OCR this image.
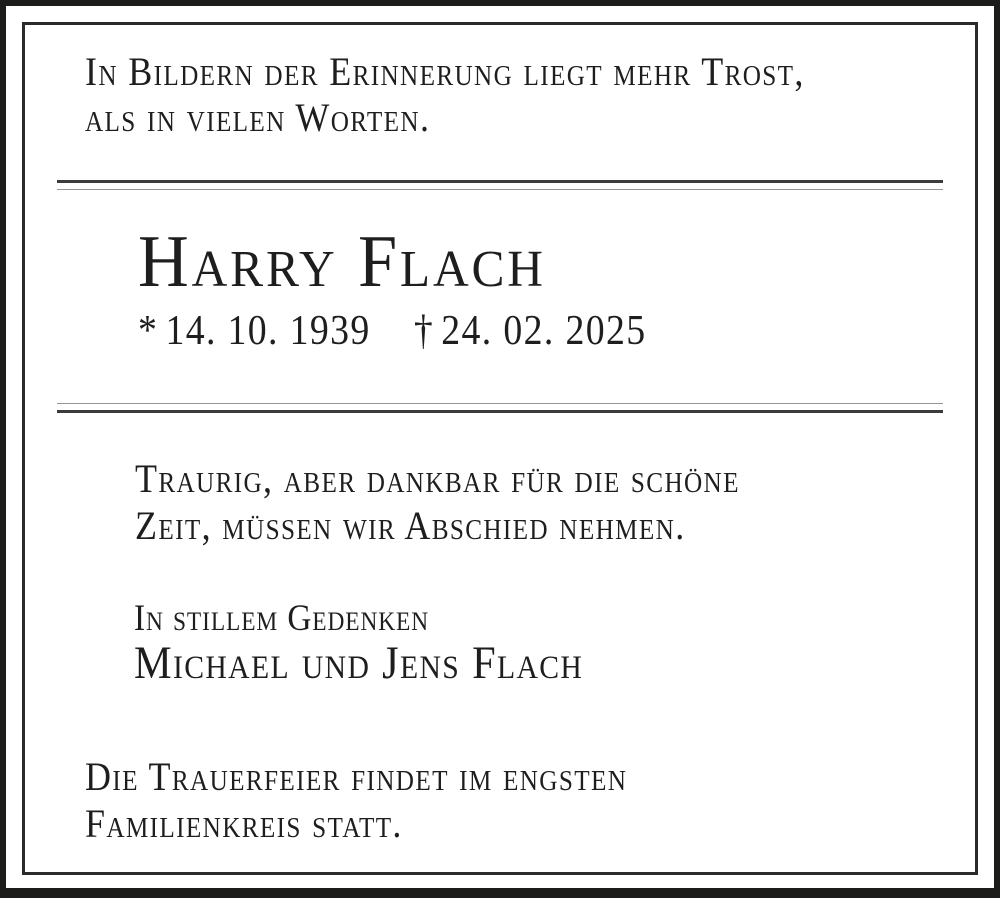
In Bildern der Erinnerung liegt mehr Trost,
als in vielen Worten.
Harry Flach
* 14. 10. 1939 † 24. 02. 2025
Traurig, aber dankbar für die schöne
Zeit, müssen wir Abschied nehmen.
In stillem Gedenken
Michael und Jens Flach
Die Trauerfeier findet im engsten
Familienkreis statt.
